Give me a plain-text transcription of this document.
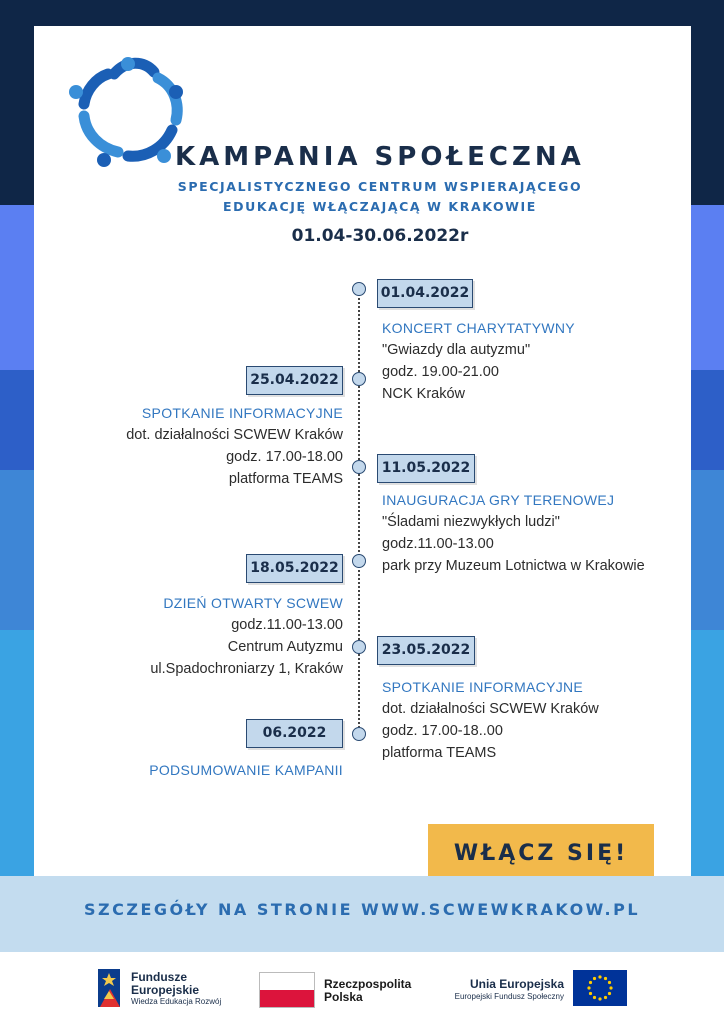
KAMPANIA SPOŁECZNA
SPECJALISTYCZNEGO CENTRUM WSPIERAJĄCEGO
EDUKACJĘ WŁĄCZAJĄCĄ W KRAKOWIE
01.04-30.06.2022r
01.04.2022
KONCERT CHARYTATYWNY
"Gwiazdy dla autyzmu"
godz. 19.00-21.00
NCK Kraków
25.04.2022
SPOTKANIE INFORMACYJNE
dot. działalności SCWEW Kraków
godz. 17.00-18.00
platforma TEAMS
11.05.2022
INAUGURACJA GRY TERENOWEJ
"Śladami niezwykłych ludzi"
godz.11.00-13.00
park przy Muzeum Lotnictwa w Krakowie
18.05.2022
DZIEŃ OTWARTY SCWEW
godz.11.00-13.00
Centrum Autyzmu
ul.Spadochroniarzy 1, Kraków
23.05.2022
SPOTKANIE INFORMACYJNE
dot. działalności SCWEW Kraków
godz. 17.00-18..00
platforma TEAMS
06.2022
PODSUMOWANIE KAMPANII
WŁĄCZ SIĘ!
SZCZEGÓŁY NA STRONIE WWW.SCWEWKRAKOW.PL
Fundusze
Europejskie
Wiedza Edukacja Rozwój
Rzeczpospolita
Polska
Unia Europejska
Europejski Fundusz Społeczny
